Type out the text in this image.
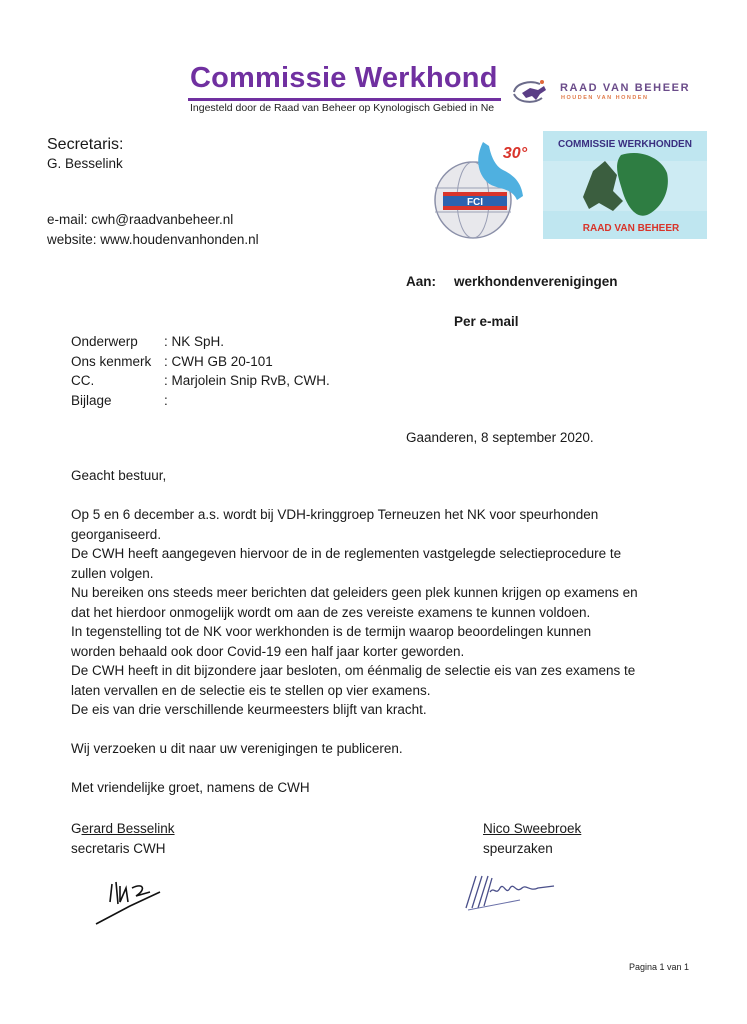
Commissie Werkhond
Ingesteld door de Raad van Beheer op Kynologisch Gebied in Ne
RAAD VAN BEHEER
HOUDEN VAN HONDEN
Secretaris:
G. Besselink
e-mail: cwh@raadvanbeheer.nl
website: www.houdenvanhonden.nl
FCI
30°
COMMISSIE WERKHONDEN
RAAD VAN BEHEER
Aan: werkhondenverenigingen
Per e-mail
Onderwerp	: NK SpH.
Ons kenmerk : CWH GB 20-101
CC.	: Marjolein Snip RvB, CWH.
Bijlage	:
Gaanderen, 8 september 2020.

Geacht bestuur,

Op 5 en 6 december a.s. wordt bij VDH-kringgroep Terneuzen het NK voor speurhonden

georganiseerd.

De CWH heeft aangegeven hiervoor de in de reglementen vastgelegde selectieprocedure te

zullen volgen.

Nu bereiken ons steeds meer berichten dat geleiders geen plek kunnen krijgen op examens en

dat het hierdoor onmogelijk wordt om aan de zes vereiste examens te kunnen voldoen.

In tegenstelling tot de NK voor werkhonden is de termijn waarop beoordelingen kunnen

worden behaald ook door Covid-19 een half jaar korter geworden.

De CWH heeft in dit bijzondere jaar besloten, om éénmalig de selectie eis van zes examens te

laten vervallen en de selectie eis te stellen op vier examens.

De eis van drie verschillende keurmeesters blijft van kracht.

Wij verzoeken u dit naar uw verenigingen te publiceren.

Met vriendelijke groet, namens de CWH

Gerard Besselink
secretaris CWH
Nico Sweebroek
speurzaken
Pagina 1 van 1
